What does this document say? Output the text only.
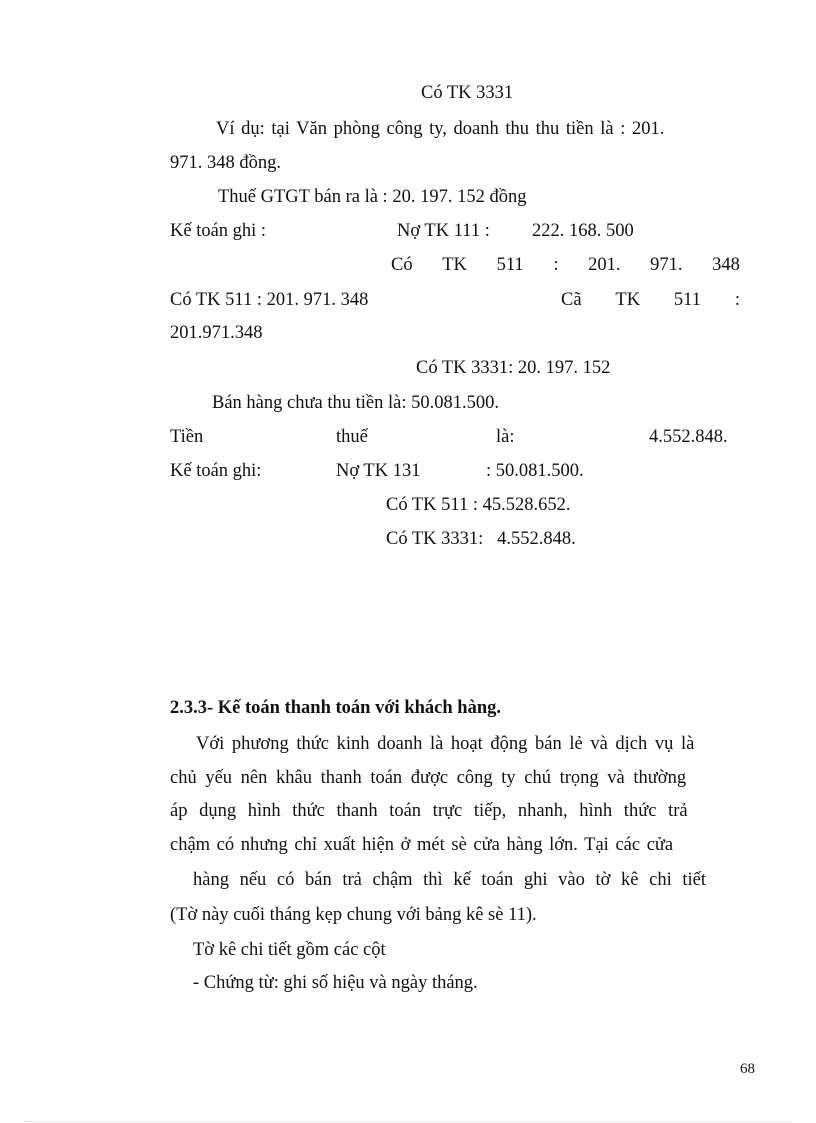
Có TK 3331
Ví dụ: tại Văn phòng công ty, doanh thu thu tiền là : 201.
971. 348 đồng.
Thuế GTGT bán ra là : 20. 197. 152 đồng
Kế toán ghi :	Nợ TK 111 : 222. 168. 500
Có TK 511 : 201. 971. 348
Có TK 511 : 201. 971. 348	Cã TK 511 :
201.971.348
Có TK 3331: 20. 197. 152
Bán hàng chưa thu tiền là: 50.081.500.
Tiền	thuế	là:	4.552.848.
Kế toán ghi:	Nợ TK 131	: 50.081.500.
Có TK 511 : 45.528.652.
Có TK 3331:   4.552.848.
2.3.3- Kế toán thanh toán với khách hàng.
Với phương thức kinh doanh là hoạt động bán lẻ và dịch vụ là
chủ yếu nên khâu thanh toán được công ty chú trọng và thường
áp dụng hình thức thanh toán trực tiếp, nhanh, hình thức trả
chậm có nhưng chỉ xuất hiện ở mét sè cửa hàng lớn. Tại các cửa
hàng nếu có bán trả chậm thì kế toán ghi vào tờ kê chi tiết
(Tờ này cuối tháng kẹp chung với bảng kê sè 11).
Tờ kê chi tiết gồm các cột
- Chứng từ: ghi số hiệu và ngày tháng.
68
